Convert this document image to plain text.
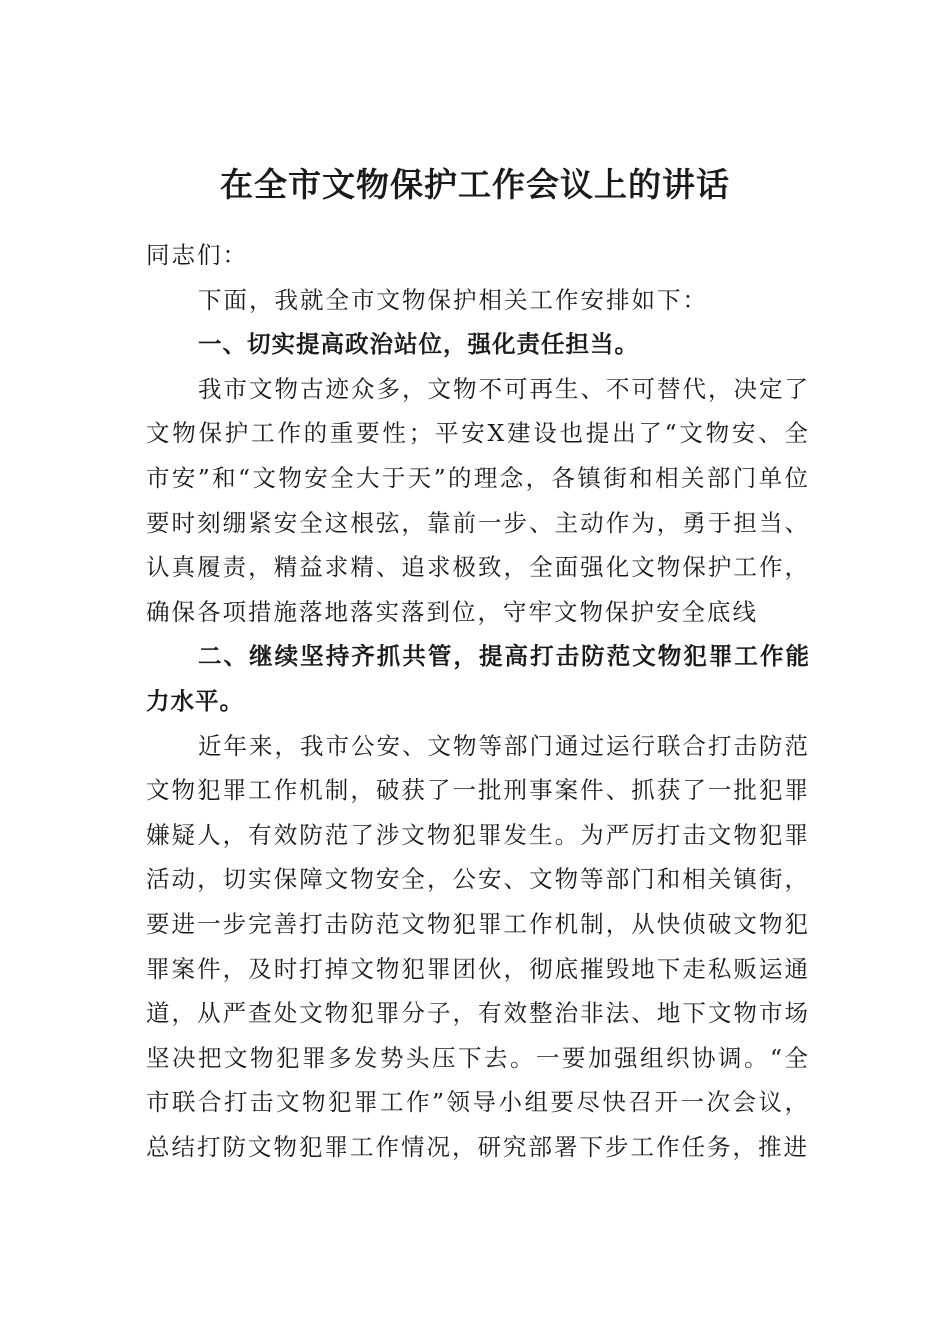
在全市文物保护工作会议上的讲话

同志们：

下面，我就全市文物保护相关工作安排如下：

一、切实提高政治站位，强化责任担当。

我市文物古迹众多，文物不可再生、不可替代，决定了文物保护工作的重要性；平安X建设也提出了“文物安、全市安”和“文物安全大于天”的理念，各镇街和相关部门单位要时刻绷紧安全这根弦，靠前一步、主动作为，勇于担当、认真履责，精益求精、追求极致，全面强化文物保护工作，确保各项措施落地落实落到位，守牢文物保护安全底线

二、继续坚持齐抓共管，提高打击防范文物犯罪工作能力水平。

近年来，我市公安、文物等部门通过运行联合打击防范文物犯罪工作机制，破获了一批刑事案件、抓获了一批犯罪嫌疑人，有效防范了涉文物犯罪发生。为严厉打击文物犯罪活动，切实保障文物安全，公安、文物等部门和相关镇街，要进一步完善打击防范文物犯罪工作机制，从快侦破文物犯罪案件，及时打掉文物犯罪团伙，彻底摧毁地下走私贩运通道，从严查处文物犯罪分子，有效整治非法、地下文物市场坚决把文物犯罪多发势头压下去。一要加强组织协调。“全市联合打击文物犯罪工作”领导小组要尽快召开一次会议，总结打防文物犯罪工作情况，研究部署下步工作任务，推进
